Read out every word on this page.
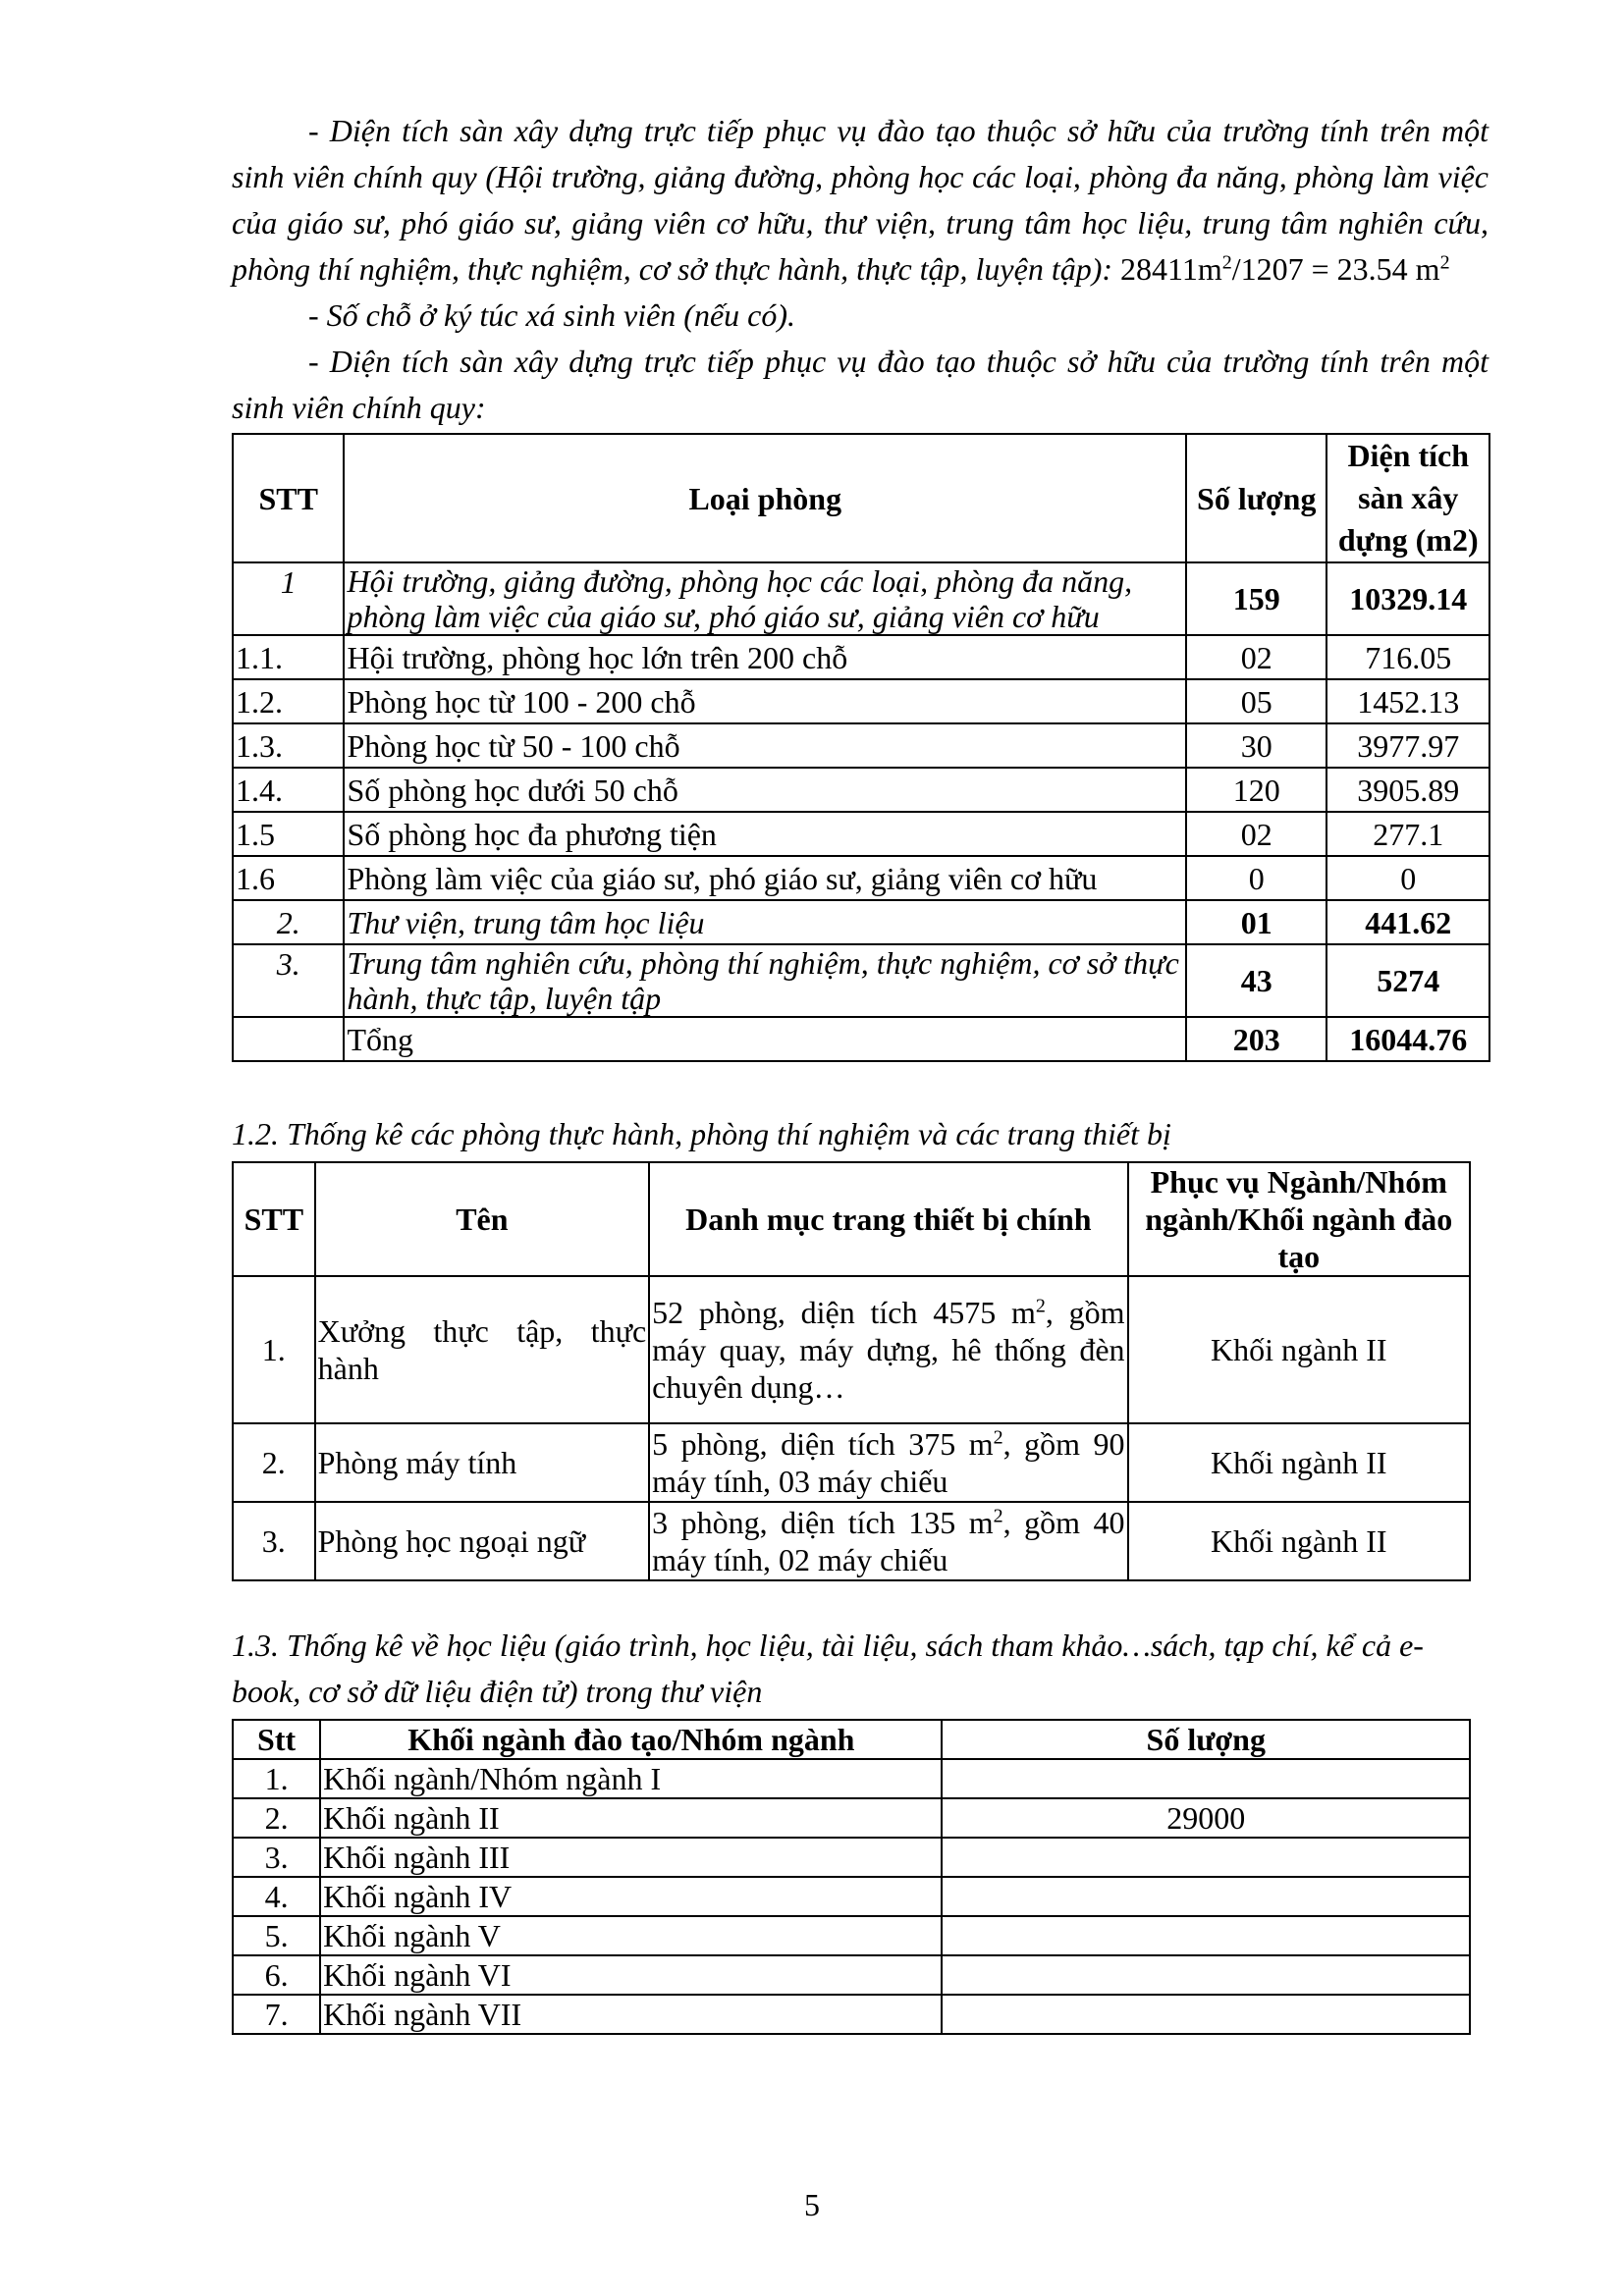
- Diện tích sàn xây dựng trực tiếp phục vụ đào tạo thuộc sở hữu của trường tính trên một sinh viên chính quy (Hội trường, giảng đường, phòng học các loại, phòng đa năng, phòng làm việc của giáo sư, phó giáo sư, giảng viên cơ hữu, thư viện, trung tâm học liệu, trung tâm nghiên cứu, phòng thí nghiệm, thực nghiệm, cơ sở thực hành, thực tập, luyện tập): $28411m^2/1207 = 23.54$ $m^2$

- Số chỗ ở ký túc xá sinh viên (nếu có).

- Diện tích sàn xây dựng trực tiếp phục vụ đào tạo thuộc sở hữu của trường tính trên một sinh viên chính quy:

STT	Loại phòng	Số lượng	Diện tích sàn xây dựng (m2)
1	Hội trường, giảng đường, phòng học các loại, phòng đa năng, phòng làm việc của giáo sư, phó giáo sư, giảng viên cơ hữu	159	10329.14
1.1.	Hội trường, phòng học lớn trên 200 chỗ	02	716.05
1.2.	Phòng học từ 100 - 200 chỗ	05	1452.13
1.3.	Phòng học từ 50 - 100 chỗ	30	3977.97
1.4.	Số phòng học dưới 50 chỗ	120	3905.89
1.5	Số phòng học đa phương tiện	02	277.1
1.6	Phòng làm việc của giáo sư, phó giáo sư, giảng viên cơ hữu	0	0
2.	Thư viện, trung tâm học liệu	01	441.62
3.	Trung tâm nghiên cứu, phòng thí nghiệm, thực nghiệm, cơ sở thực hành, thực tập, luyện tập	43	5274
	Tổng	203	16044.76

1.2. Thống kê các phòng thực hành, phòng thí nghiệm và các trang thiết bị

STT	Tên	Danh mục trang thiết bị chính	Phục vụ Ngành/Nhóm ngành/Khối ngành đào tạo
1.	Xưởng thực tập, thực hành	52 phòng, diện tích 4575 $m^2$, gồm máy quay, máy dựng, hê thống đèn chuyên dụng…	Khối ngành II
2.	Phòng máy tính	5 phòng, diện tích 375 $m^2$, gồm 90 máy tính, 03 máy chiếu	Khối ngành II
3.	Phòng học ngoại ngữ	3 phòng, diện tích 135 $m^2$, gồm 40 máy tính, 02 máy chiếu	Khối ngành II

1.3. Thống kê về học liệu (giáo trình, học liệu, tài liệu, sách tham khảo…sách, tạp chí, kể cả e-book, cơ sở dữ liệu điện tử) trong thư viện

Stt	Khối ngành đào tạo/Nhóm ngành	Số lượng
1.	Khối ngành/Nhóm ngành I	
2.	Khối ngành II	29000
3.	Khối ngành III	
4.	Khối ngành IV	
5.	Khối ngành V	
6.	Khối ngành VI	
7.	Khối ngành VII	
5
